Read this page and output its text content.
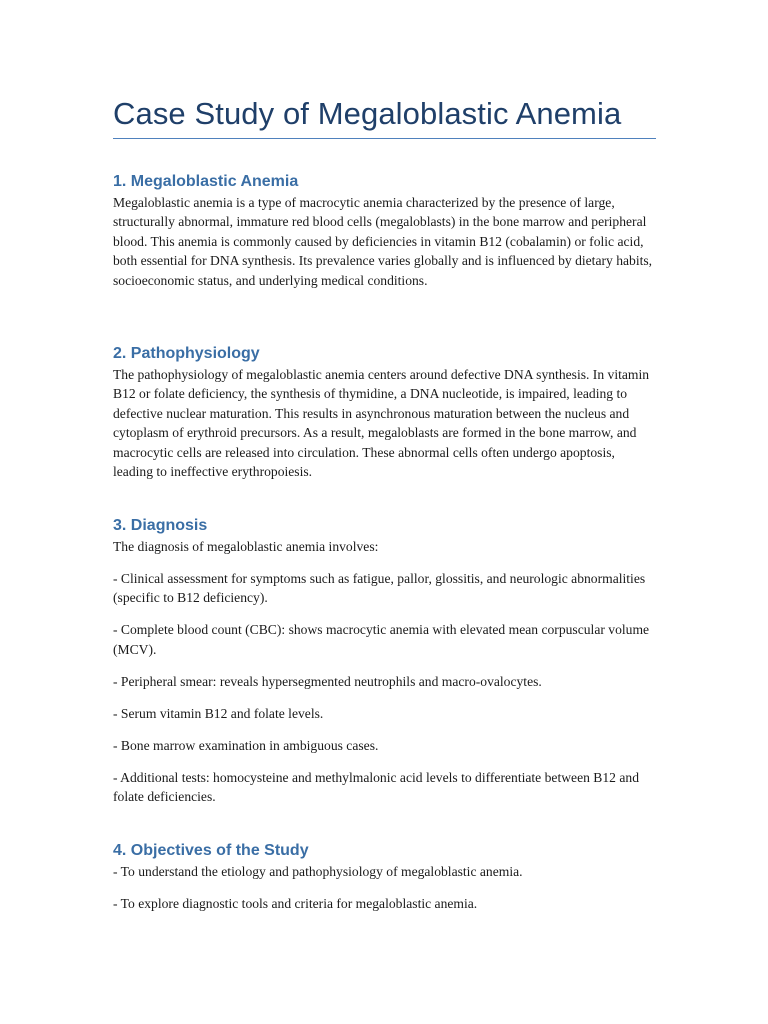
Case Study of Megaloblastic Anemia
1. Megaloblastic Anemia

Megaloblastic anemia is a type of macrocytic anemia characterized by the presence of large, structurally abnormal, immature red blood cells (megaloblasts) in the bone marrow and peripheral blood. This anemia is commonly caused by deficiencies in vitamin B12 (cobalamin) or folic acid, both essential for DNA synthesis. Its prevalence varies globally and is influenced by dietary habits, socioeconomic status, and underlying medical conditions.

2. Pathophysiology

The pathophysiology of megaloblastic anemia centers around defective DNA synthesis. In vitamin B12 or folate deficiency, the synthesis of thymidine, a DNA nucleotide, is impaired, leading to defective nuclear maturation. This results in asynchronous maturation between the nucleus and cytoplasm of erythroid precursors. As a result, megaloblasts are formed in the bone marrow, and macrocytic cells are released into circulation. These abnormal cells often undergo apoptosis, leading to ineffective erythropoiesis.

3. Diagnosis

The diagnosis of megaloblastic anemia involves:

- Clinical assessment for symptoms such as fatigue, pallor, glossitis, and neurologic abnormalities (specific to B12 deficiency).

- Complete blood count (CBC): shows macrocytic anemia with elevated mean corpuscular volume (MCV).

- Peripheral smear: reveals hypersegmented neutrophils and macro-ovalocytes.

- Serum vitamin B12 and folate levels.

- Bone marrow examination in ambiguous cases.

- Additional tests: homocysteine and methylmalonic acid levels to differentiate between B12 and folate deficiencies.

4. Objectives of the Study

- To understand the etiology and pathophysiology of megaloblastic anemia.

- To explore diagnostic tools and criteria for megaloblastic anemia.
